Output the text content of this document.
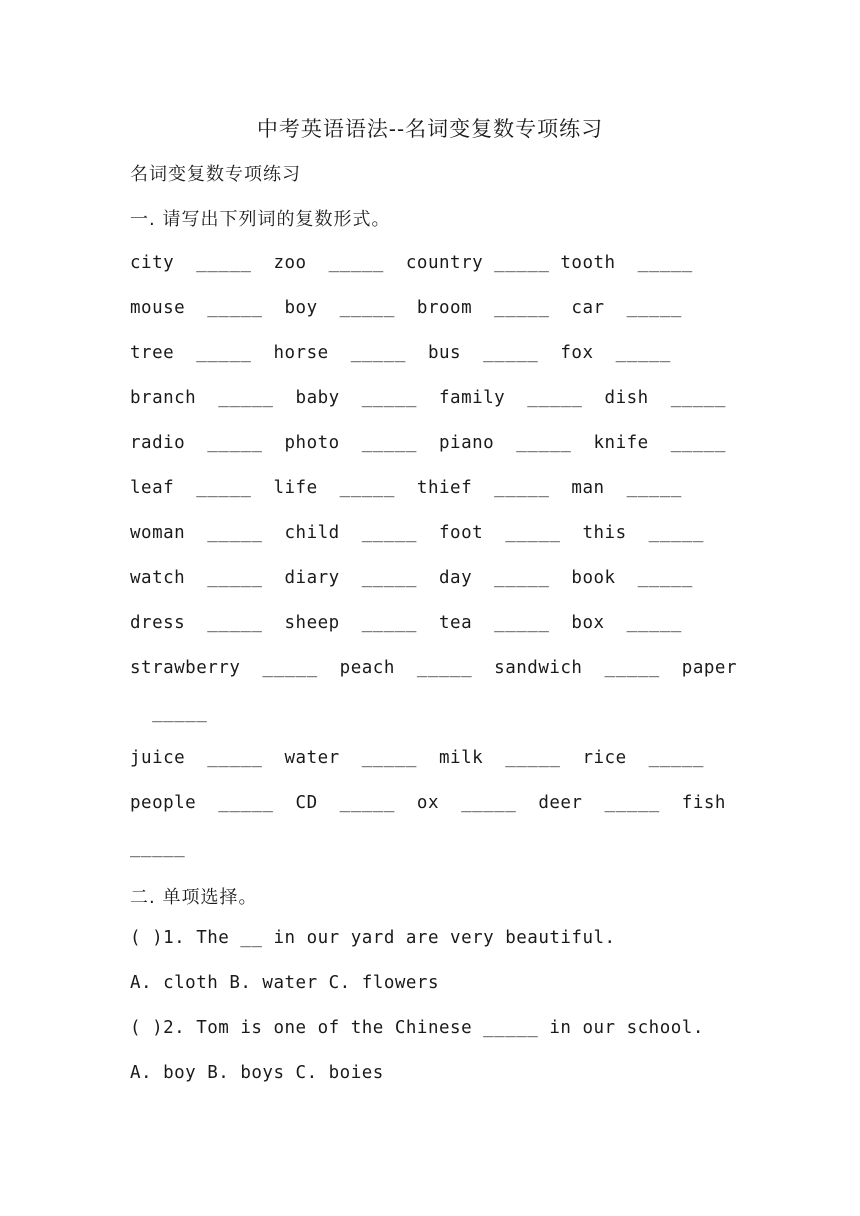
中考英语语法--名词变复数专项练习
名词变复数专项练习
一. 请写出下列词的复数形式。
city  _____  zoo  _____  country _____ tooth  _____
mouse  _____  boy  _____  broom  _____  car  _____
tree  _____  horse  _____  bus  _____  fox  _____
branch  _____  baby  _____  family  _____  dish  _____
radio  _____  photo  _____  piano  _____  knife  _____
leaf  _____  life  _____  thief  _____  man  _____
woman  _____  child  _____  foot  _____  this  _____
watch  _____  diary  _____  day  _____  book  _____
dress  _____  sheep  _____  tea  _____  box  _____
strawberry  _____  peach  _____  sandwich  _____  paper
_____
juice  _____  water  _____  milk  _____  rice  _____
people  _____  CD  _____  ox  _____  deer  _____  fish
_____
二. 单项选择。
( )1. The __ in our yard are very beautiful.
A. cloth B. water C. flowers
( )2. Tom is one of the Chinese _____ in our school.
A. boy B. boys C. boies
